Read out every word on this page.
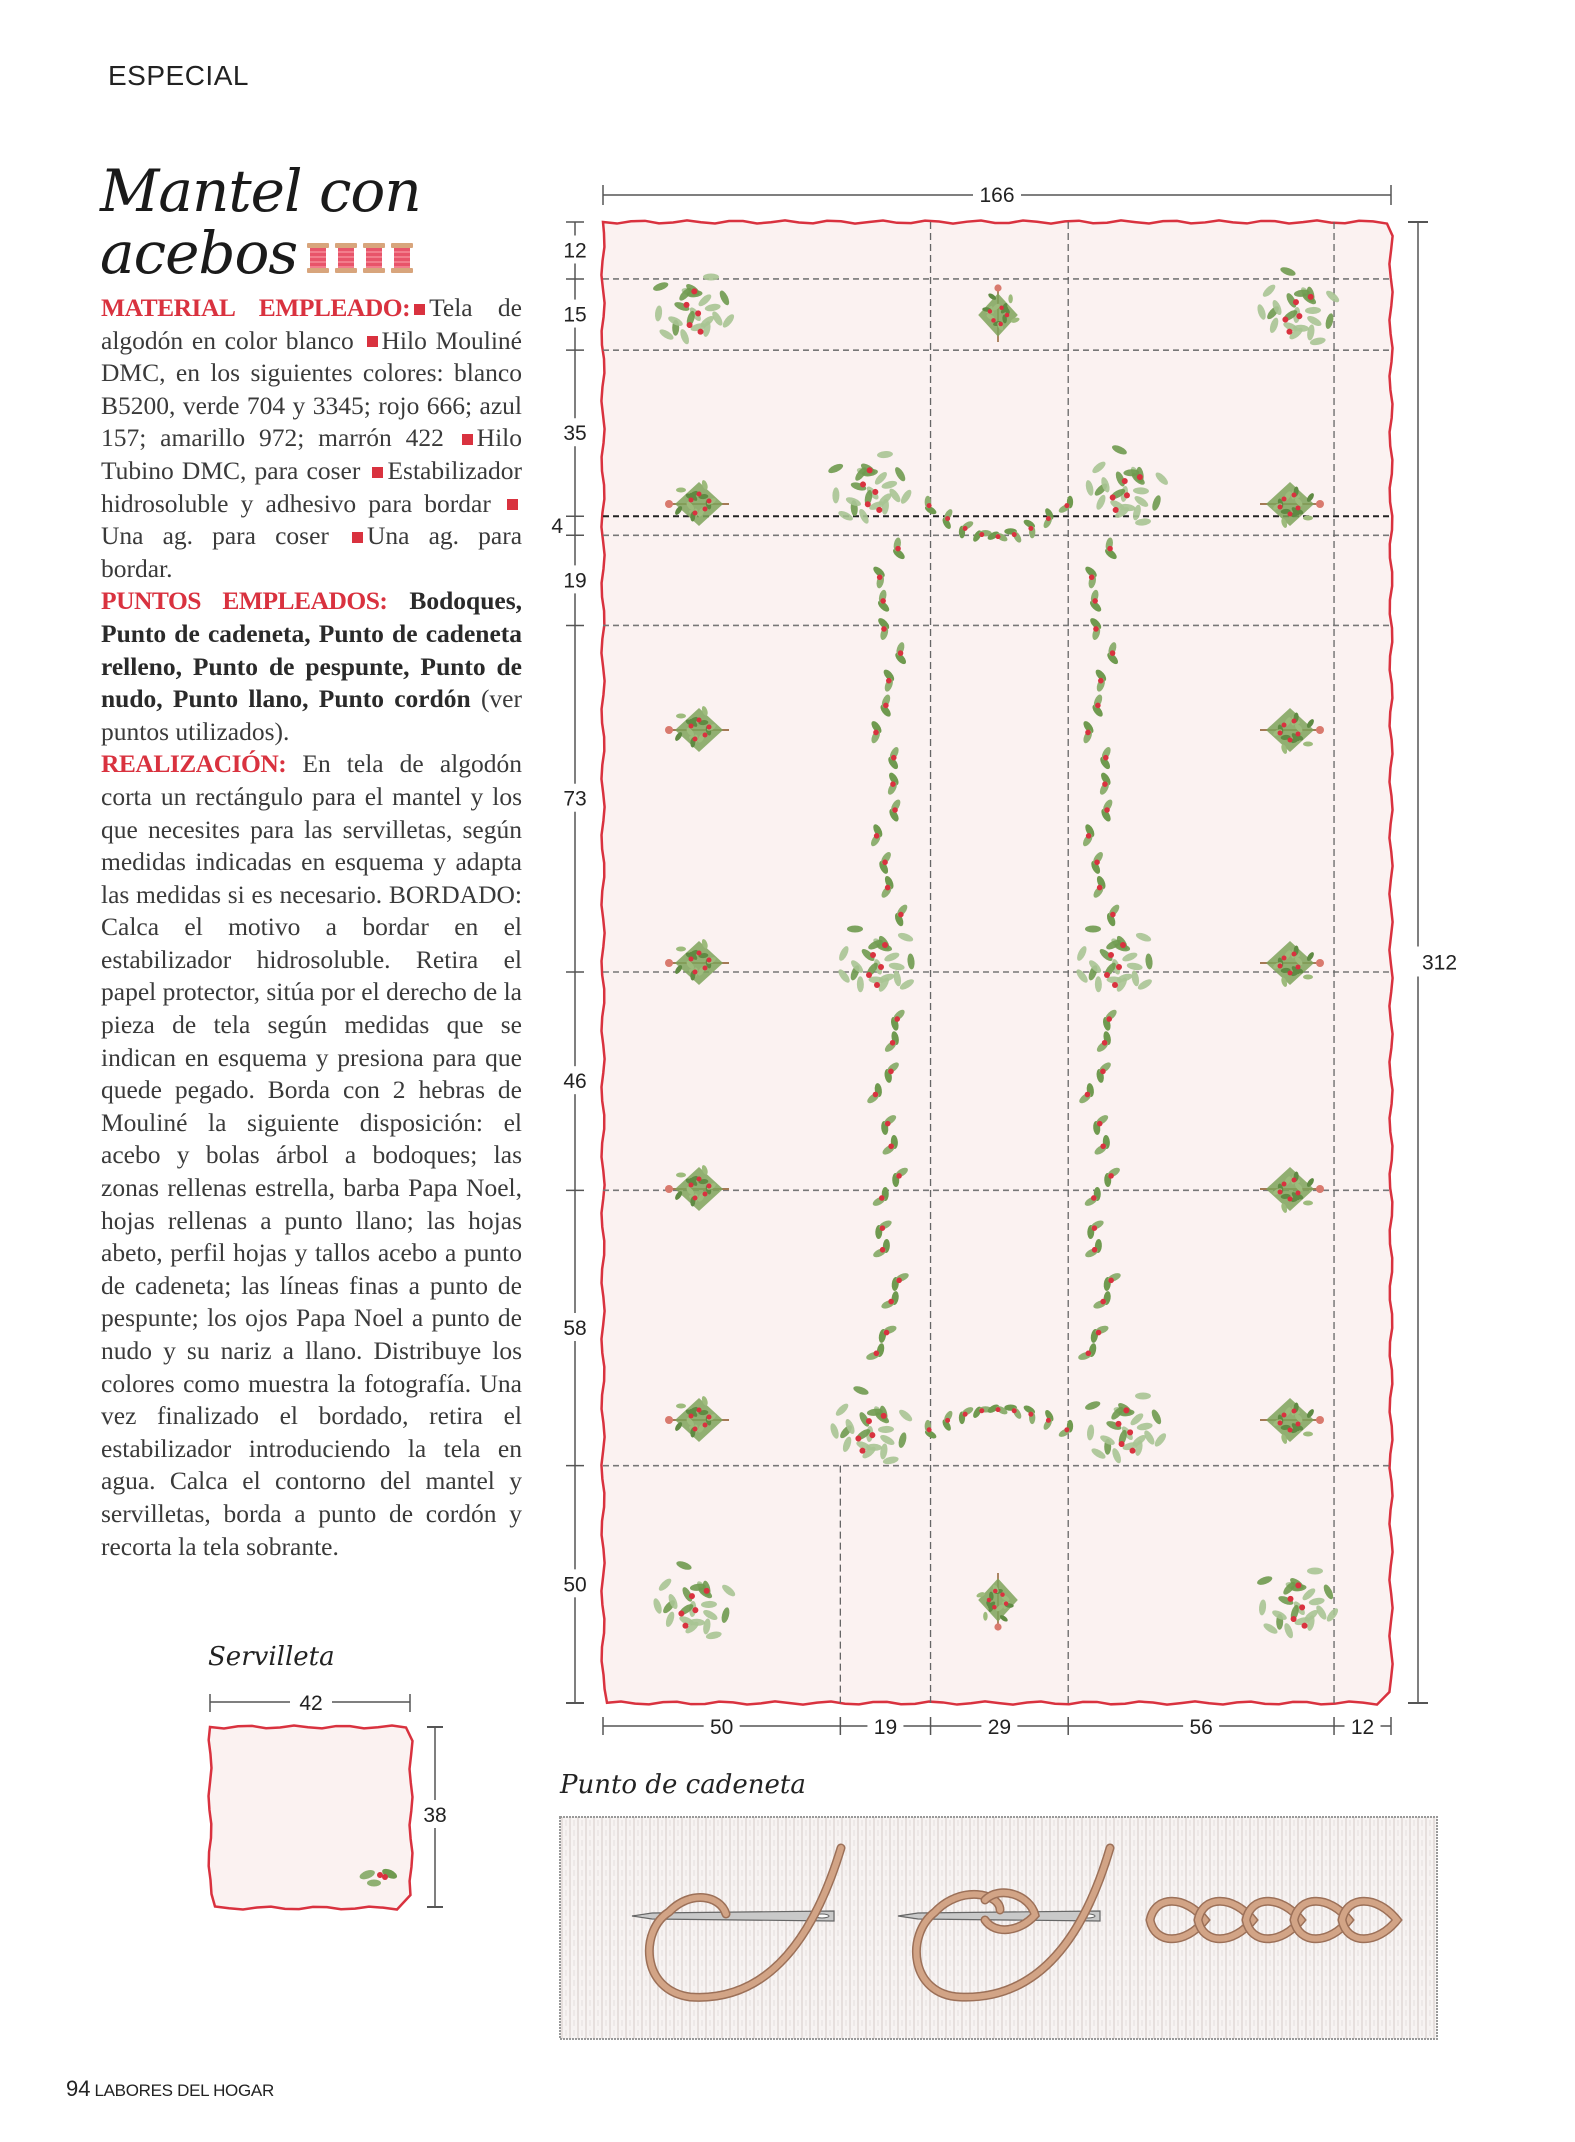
ESPECIAL
Mantel con
acebos

MATERIAL EMPLEADO: Tela de algodón en color blanco Hilo Mouliné DMC, en los siguientes colores: blanco B5200, verde 704 y 3345; rojo 666; azul 157; amarillo 972; marrón 422 Hilo Tubino DMC, para coser Estabilizador hidrosoluble y adhesivo para bordar Una ag. para coser Una ag. para bordar.

PUNTOS EMPLEADOS: Bodoques, Punto de cadeneta, Punto de cadeneta relleno, Punto de pespunte, Punto de nudo, Punto llano, Punto cordón (ver puntos utilizados).

REALIZACIÓN: En tela de algodón corta un rectángulo para el mantel y los que necesites para las servilletas, según medidas indicadas en esquema y adapta las medidas si es necesario. BORDADO: Calca el motivo a bordar en el estabilizador hidrosoluble. Retira el papel protector, sitúa por el derecho de la pieza de tela según medidas que se indican en esquema y presiona para que quede pegado. Borda con 2 hebras de Mouliné la siguiente disposición: el acebo y bolas árbol a bodoques; las zonas rellenas estrella, barba Papa Noel, hojas rellenas a punto llano; las hojas abeto, perfil hojas y tallos acebo a punto de cadeneta; las líneas finas a punto de pespunte; los ojos Papa Noel a punto de nudo y su nariz a llano. Distribuye los colores como muestra la fotografía. Una vez finalizado el bordado, retira el estabilizador introduciendo la tela en agua. Calca el contorno del mantel y servilletas, borda a punto de cordón y recorta la tela sobrante.

Servilleta
Punto de cadeneta
166
312
12
15
35
4
19
73
46
58
50
50	19	29	56	12
42
38
94 LABORES DEL HOGAR
